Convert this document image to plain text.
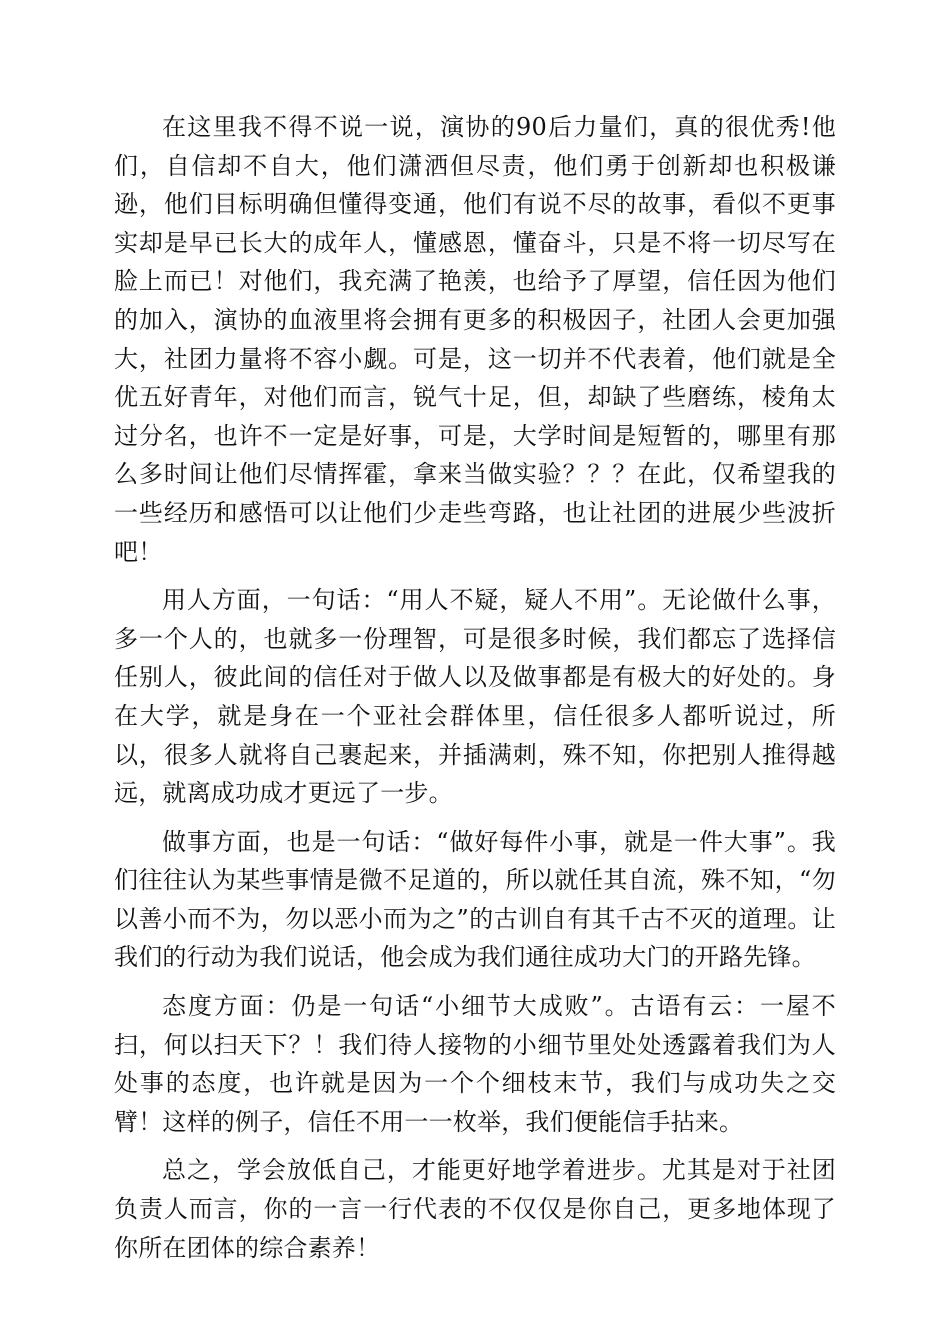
在这里我不得不说一说，演协的90后力量们，真的很优秀!他们，自信却不自大，他们潇洒但尽责，他们勇于创新却也积极谦逊，他们目标明确但懂得变通，他们有说不尽的故事，看似不更事实却是早已长大的成年人，懂感恩，懂奋斗，只是不将一切尽写在脸上而已！对他们，我充满了艳羡，也给予了厚望，信任因为他们的加入，演协的血液里将会拥有更多的积极因子，社团人会更加强大，社团力量将不容小觑。可是，这一切并不代表着，他们就是全优五好青年，对他们而言，锐气十足，但，却缺了些磨练，棱角太过分名，也许不一定是好事，可是，大学时间是短暂的，哪里有那么多时间让他们尽情挥霍，拿来当做实验？？？在此，仅希望我的一些经历和感悟可以让他们少走些弯路，也让社团的进展少些波折吧！

用人方面，一句话：“用人不疑，疑人不用”。无论做什么事，多一个人的，也就多一份理智，可是很多时候，我们都忘了选择信任别人，彼此间的信任对于做人以及做事都是有极大的好处的。身在大学，就是身在一个亚社会群体里，信任很多人都听说过，所以，很多人就将自己裹起来，并插满刺，殊不知，你把别人推得越远，就离成功成才更远了一步。

做事方面，也是一句话：“做好每件小事，就是一件大事”。我们往往认为某些事情是微不足道的，所以就任其自流，殊不知，“勿以善小而不为，勿以恶小而为之”的古训自有其千古不灭的道理。让我们的行动为我们说话，他会成为我们通往成功大门的开路先锋。

态度方面：仍是一句话“小细节大成败”。古语有云：一屋不扫，何以扫天下？！我们待人接物的小细节里处处透露着我们为人处事的态度，也许就是因为一个个细枝末节，我们与成功失之交臂！这样的例子，信任不用一一枚举，我们便能信手拈来。

总之，学会放低自己，才能更好地学着进步。尤其是对于社团负责人而言，你的一言一行代表的不仅仅是你自己，更多地体现了你所在团体的综合素养！
